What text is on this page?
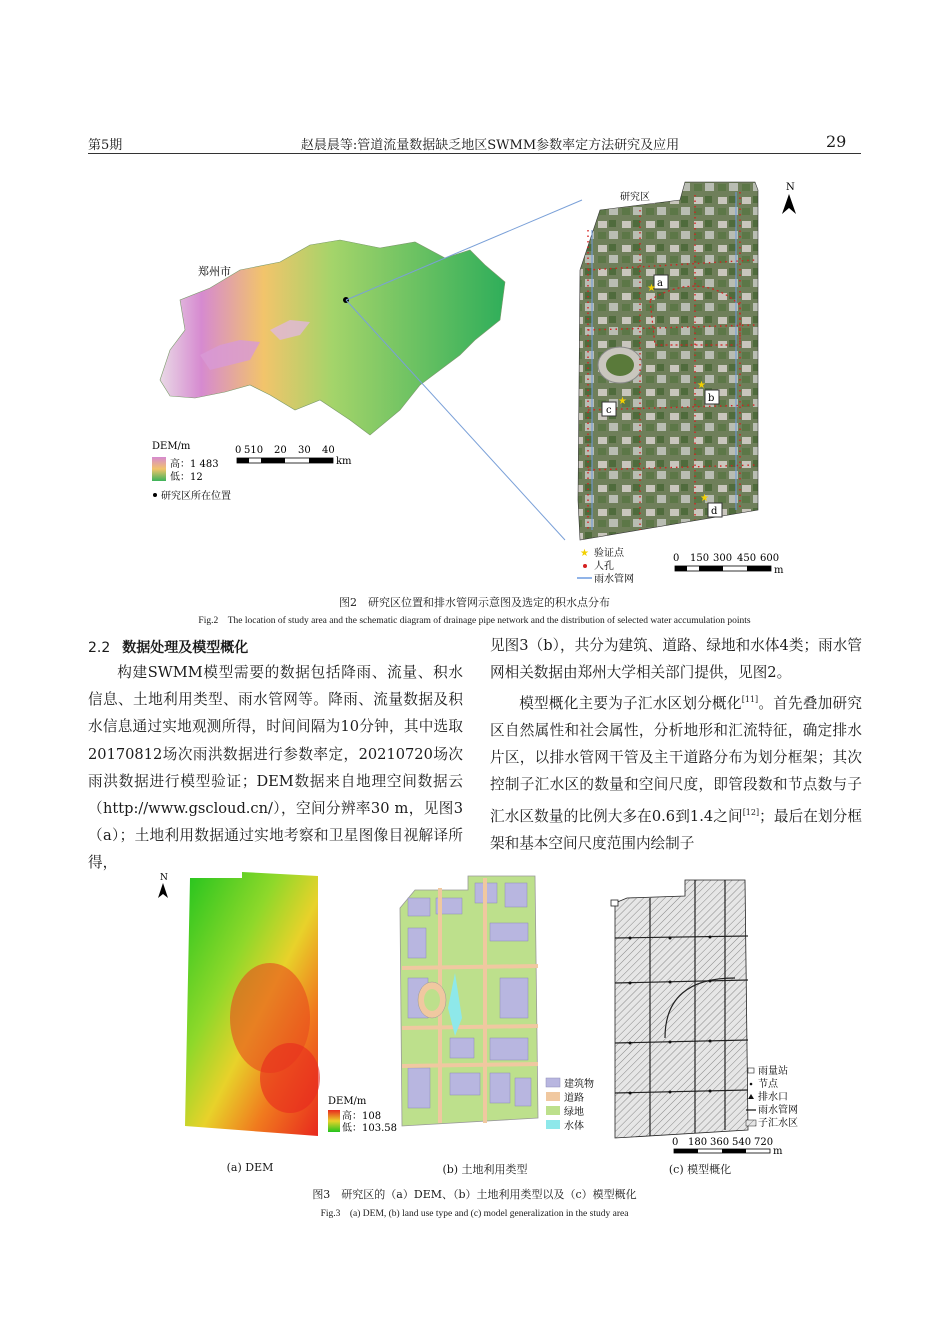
第5期	赵晨晨等:管道流量数据缺乏地区SWMM参数率定方法研究及应用	29
郑州市
DEM/m
高：1 483
低：12
研究区所在位置
0 510 20 30 40
km
研究区
a
b
c
d
★
★
★
★
N
★ 验证点
人孔
雨水管网
0 150 300 450 600
m
图2　研究区位置和排水管网示意图及选定的积水点分布
Fig.2　The location of study area and the schematic diagram of drainage pipe network and the distribution of selected water accumulation points
2.2 数据处理及模型概化
构建SWMM模型需要的数据包括降雨、流量、积水信息、土地利用类型、雨水管网等。降雨、流量数据及积水信息通过实地观测所得，时间间隔为10分钟，其中选取20170812场次雨洪数据进行参数率定，20210720场次雨洪数据进行模型验证；DEM数据来自地理空间数据云（http://www.gscloud.cn/），空间分辨率30 m，见图3（a）；土地利用数据通过实地考察和卫星图像目视解译所得，
见图3（b），共分为建筑、道路、绿地和水体4类；雨水管网相关数据由郑州大学相关部门提供，见图2。
模型概化主要为子汇水区划分概化[11]。首先叠加研究区自然属性和社会属性，分析地形和汇流特征，确定排水片区，以排水管网干管及主干道路分布为划分框架；其次控制子汇水区的数量和空间尺度，即管段数和节点数与子汇水区数量的比例大多在0.6到1.4之间[12]；最后在划分框架和基本空间尺度范围内绘制子
N
DEM/m
高：108
低：103.58
建筑物
道路
绿地
水体
雨量站
节点
排水口
雨水管网
子汇水区
0 180 360 540 720
m
(a) DEM	(b) 土地利用类型	(c) 模型概化
图3　研究区的（a）DEM、（b）土地利用类型以及（c）模型概化
Fig.3　(a) DEM, (b) land use type and (c) model generalization in the study area
